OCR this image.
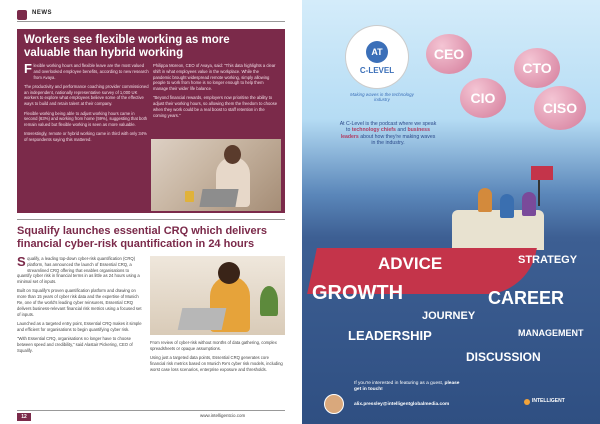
NEWS
Workers see flexible working as more valuable than hybrid working

Flexible working hours and flexible leave are the most valued and overlooked employee benefits, according to new research from Avaya.

The productivity and performance coaching provider commissioned an independent, nationally representative survey of 1,000 UK workers to explore what employees believe some of the effective ways to build and retain talent at their company.

Flexible working being able to adjust working hours came in second (63%) and working from home (59%), suggesting that both remain valued but flexible working is seen as more valuable.

Interestingly, remote or hybrid working came in third with only 34% of respondents saying this mattered.

Philippa Moreon, CEO of Avaya, said: "This data highlights a clear shift in what employees value in the workplace. While the pandemic brought widespread remote working, simply allowing people to work from home is no longer enough to help them manage their wider life balance.

"Beyond financial rewards, employers now prioritise the ability to adjust their working hours, so allowing them the freedom to choose when they work could be a real boost to staff retention in the coming years."

Squalify launches essential CRQ which delivers financial cyber-risk quantification in 24 hours

Squalify, a leading top-down cyber-risk quantification (CRQ) platform, has announced the launch of Essential CRQ, a streamlined CRQ offering that enables organisations to quantify cyber risk in financial terms in as little as 24 hours using a minimal set of inputs.

Built on Squalify's proven quantification platform and drawing on more than 15 years of cyber risk data and the expertise of Munich Re, one of the world's leading cyber reinsurers, Essential CRQ delivers business-relevant financial risk metrics using a focused set of inputs.

Launched as a targeted entry point, Essential CRQ makes it simple and efficient for organisations to begin quantifying cyber risk.

"With Essential CRQ, organisations no longer have to choose between speed and credibility," said Alastair Pickering, CEO of Squalify.

From review of cyber-risk without months of data gathering, complex spreadsheets or opaque assumptions.

Using just a targeted data points, Essential CRQ generates core financial risk metrics based on Munich Re's cyber risk models, including worst case loss scenarios, enterprise exposure and thresholds.

12	www.intelligentcio.com
AT
C-LEVEL
Making waves in the technology industry
CEO
CTO
CIO
CISO
At C-Level is the podcast where we speak to technology chiefs and business leaders about how they're making waves in the industry.
ADVICE	STRATEGY
GROWTH	CAREER
JOURNEY
LEADERSHIP	MANAGEMENT
DISCUSSION
If you're interested in featuring as a guest, please get in touch!
alix.pressley@intelligentglobalmedia.com
INTELLIGENT
